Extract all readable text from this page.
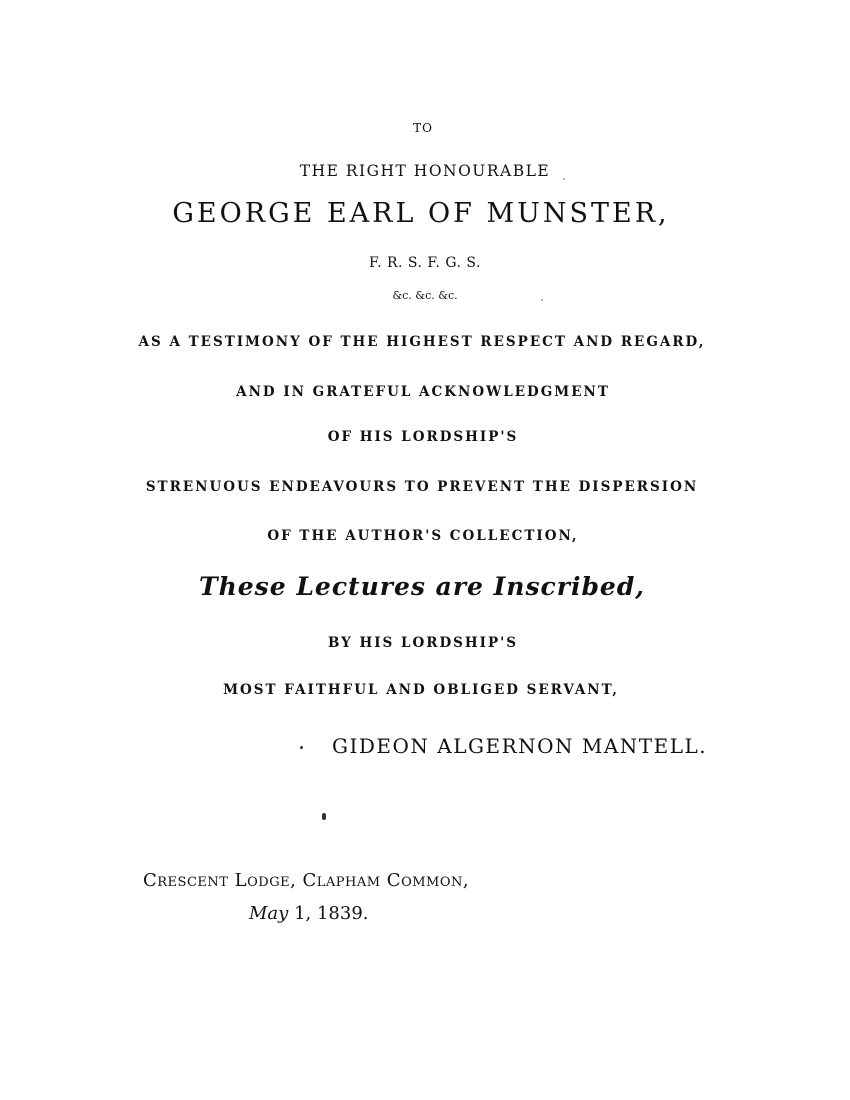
TO
THE RIGHT HONOURABLE
GEORGE EARL OF MUNSTER,
F. R. S. F. G. S.
&c. &c. &c.
AS A TESTIMONY OF THE HIGHEST RESPECT AND REGARD,
AND IN GRATEFUL ACKNOWLEDGMENT
OF HIS LORDSHIP'S
STRENUOUS ENDEAVOURS TO PREVENT THE DISPERSION
OF THE AUTHOR'S COLLECTION,
These Lectures are Inscribed,
BY HIS LORDSHIP'S
MOST FAITHFUL AND OBLIGED SERVANT,
GIDEON ALGERNON MANTELL.
Crescent Lodge, Clapham Common,
May 1, 1839.
